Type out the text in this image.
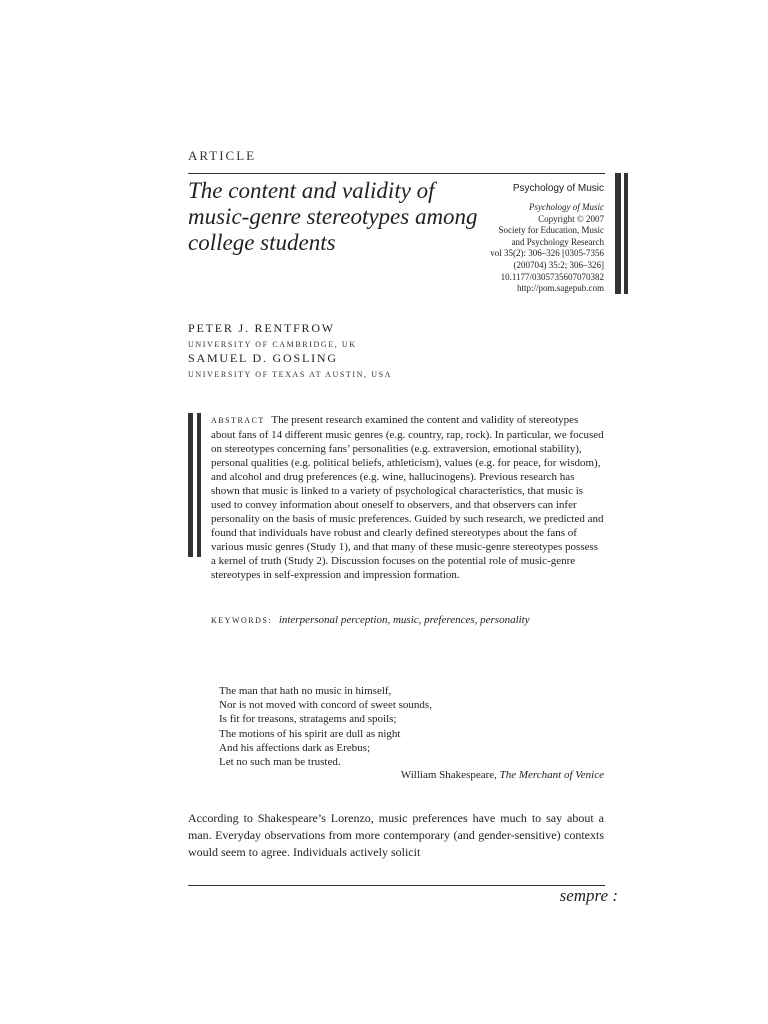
ARTICLE
The content and validity of music-genre stereotypes among college students
Psychology of Music
Psychology of Music
Copyright © 2007
Society for Education, Music
and Psychology Research
vol 35(2): 306–326 [0305-7356
(200704) 35:2; 306–326]
10.1177/0305735607070382
http://pom.sagepub.com
PETER J. RENTFROW
UNIVERSITY OF CAMBRIDGE, UK
SAMUEL D. GOSLING
UNIVERSITY OF TEXAS AT AUSTIN, USA
ABSTRACT The present research examined the content and validity of stereotypes about fans of 14 different music genres (e.g. country, rap, rock). In particular, we focused on stereotypes concerning fans’ personalities (e.g. extraversion, emotional stability), personal qualities (e.g. political beliefs, athleticism), values (e.g. for peace, for wisdom), and alcohol and drug preferences (e.g. wine, hallucinogens). Previous research has shown that music is linked to a variety of psychological characteristics, that music is used to convey information about oneself to observers, and that observers can infer personality on the basis of music preferences. Guided by such research, we predicted and found that individuals have robust and clearly defined stereotypes about the fans of various music genres (Study 1), and that many of these music-genre stereotypes possess a kernel of truth (Study 2). Discussion focuses on the potential role of music-genre stereotypes in self-expression and impression formation.
KEYWORDS: interpersonal perception, music, preferences, personality
The man that hath no music in himself,
Nor is not moved with concord of sweet sounds,
Is fit for treasons, stratagems and spoils;
The motions of his spirit are dull as night
And his affections dark as Erebus;
Let no such man be trusted.
William Shakespeare, The Merchant of Venice
According to Shakespeare’s Lorenzo, music preferences have much to say about a man. Everyday observations from more contemporary (and gender-sensitive) contexts would seem to agree. Individuals actively solicit
sempre :
